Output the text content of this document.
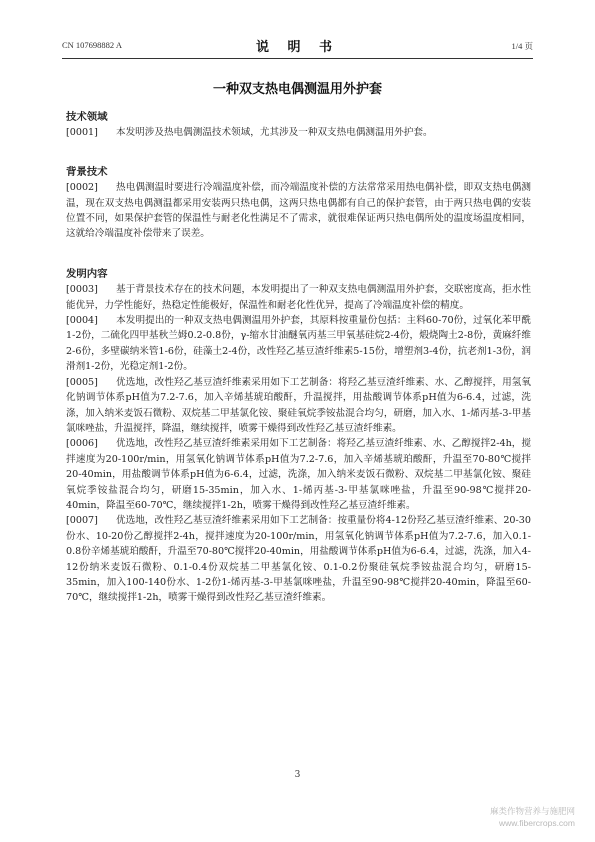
CN 107698882 A	说 明 书	1/4 页
一种双支热电偶测温用外护套

技术领域

[0001] 本发明涉及热电偶测温技术领域，尤其涉及一种双支热电偶测温用外护套。

背景技术

[0002] 热电偶测温时要进行冷端温度补偿，而冷端温度补偿的方法常常采用热电偶补偿，即双支热电偶测温，现在双支热电偶测温都采用安装两只热电偶，这两只热电偶都有自己的保护套管，由于两只热电偶的安装位置不同，如果保护套管的保温性与耐老化性满足不了需求，就很难保证两只热电偶所处的温度场温度相同，这就给冷端温度补偿带来了误差。

发明内容

[0003] 基于背景技术存在的技术问题，本发明提出了一种双支热电偶测温用外护套，交联密度高，拒水性能优异，力学性能好，热稳定性能极好，保温性和耐老化性优异，提高了冷端温度补偿的精度。

[0004] 本发明提出的一种双支热电偶测温用外护套，其原料按重量份包括：主料60-70份，过氧化苯甲酰1-2份，二硫化四甲基秋兰姆0.2-0.8份，γ-缩水甘油醚氧丙基三甲氧基硅烷2-4份，煅烧陶土2-8份，黄麻纤维2-6份，多壁碳纳米管1-6份，硅藻土2-4份，改性羟乙基豆渣纤维素5-15份，增塑剂3-4份，抗老剂1-3份，润滑剂1-2份，光稳定剂1-2份。

[0005] 优选地，改性羟乙基豆渣纤维素采用如下工艺制备：将羟乙基豆渣纤维素、水、乙醇搅拌，用氢氧化钠调节体系pH值为7.2-7.6，加入辛烯基琥珀酸酐，升温搅拌，用盐酸调节体系pH值为6-6.4，过滤，洗涤，加入纳米麦饭石微粉、双烷基二甲基氯化铵、聚硅氧烷季铵盐混合均匀，研磨，加入水、1-烯丙基-3-甲基氯咪唑盐，升温搅拌，降温，继续搅拌，喷雾干燥得到改性羟乙基豆渣纤维素。

[0006] 优选地，改性羟乙基豆渣纤维素采用如下工艺制备：将羟乙基豆渣纤维素、水、乙醇搅拌2-4h，搅拌速度为20-100r/min，用氢氧化钠调节体系pH值为7.2-7.6，加入辛烯基琥珀酸酐，升温至70-80℃搅拌20-40min，用盐酸调节体系pH值为6-6.4，过滤，洗涤，加入纳米麦饭石微粉、双烷基二甲基氯化铵、聚硅氧烷季铵盐混合均匀，研磨15-35min，加入水、1-烯丙基-3-甲基氯咪唑盐，升温至90-98℃搅拌20-40min，降温至60-70℃，继续搅拌1-2h，喷雾干燥得到改性羟乙基豆渣纤维素。

[0007] 优选地，改性羟乙基豆渣纤维素采用如下工艺制备：按重量份将4-12份羟乙基豆渣纤维素、20-30份水、10-20份乙醇搅拌2-4h，搅拌速度为20-100r/min，用氢氧化钠调节体系pH值为7.2-7.6，加入0.1-0.8份辛烯基琥珀酸酐，升温至70-80℃搅拌20-40min，用盐酸调节体系pH值为6-6.4，过滤，洗涤，加入4-12份纳米麦饭石微粉、0.1-0.4份双烷基二甲基氯化铵、0.1-0.2份聚硅氧烷季铵盐混合均匀，研磨15-35min，加入100-140份水、1-2份1-烯丙基-3-甲基氯咪唑盐，升温至90-98℃搅拌20-40min，降温至60-70℃，继续搅拌1-2h，喷雾干燥得到改性羟乙基豆渣纤维素。

3
麻类作物营养与施肥网
www.fibercrops.com
